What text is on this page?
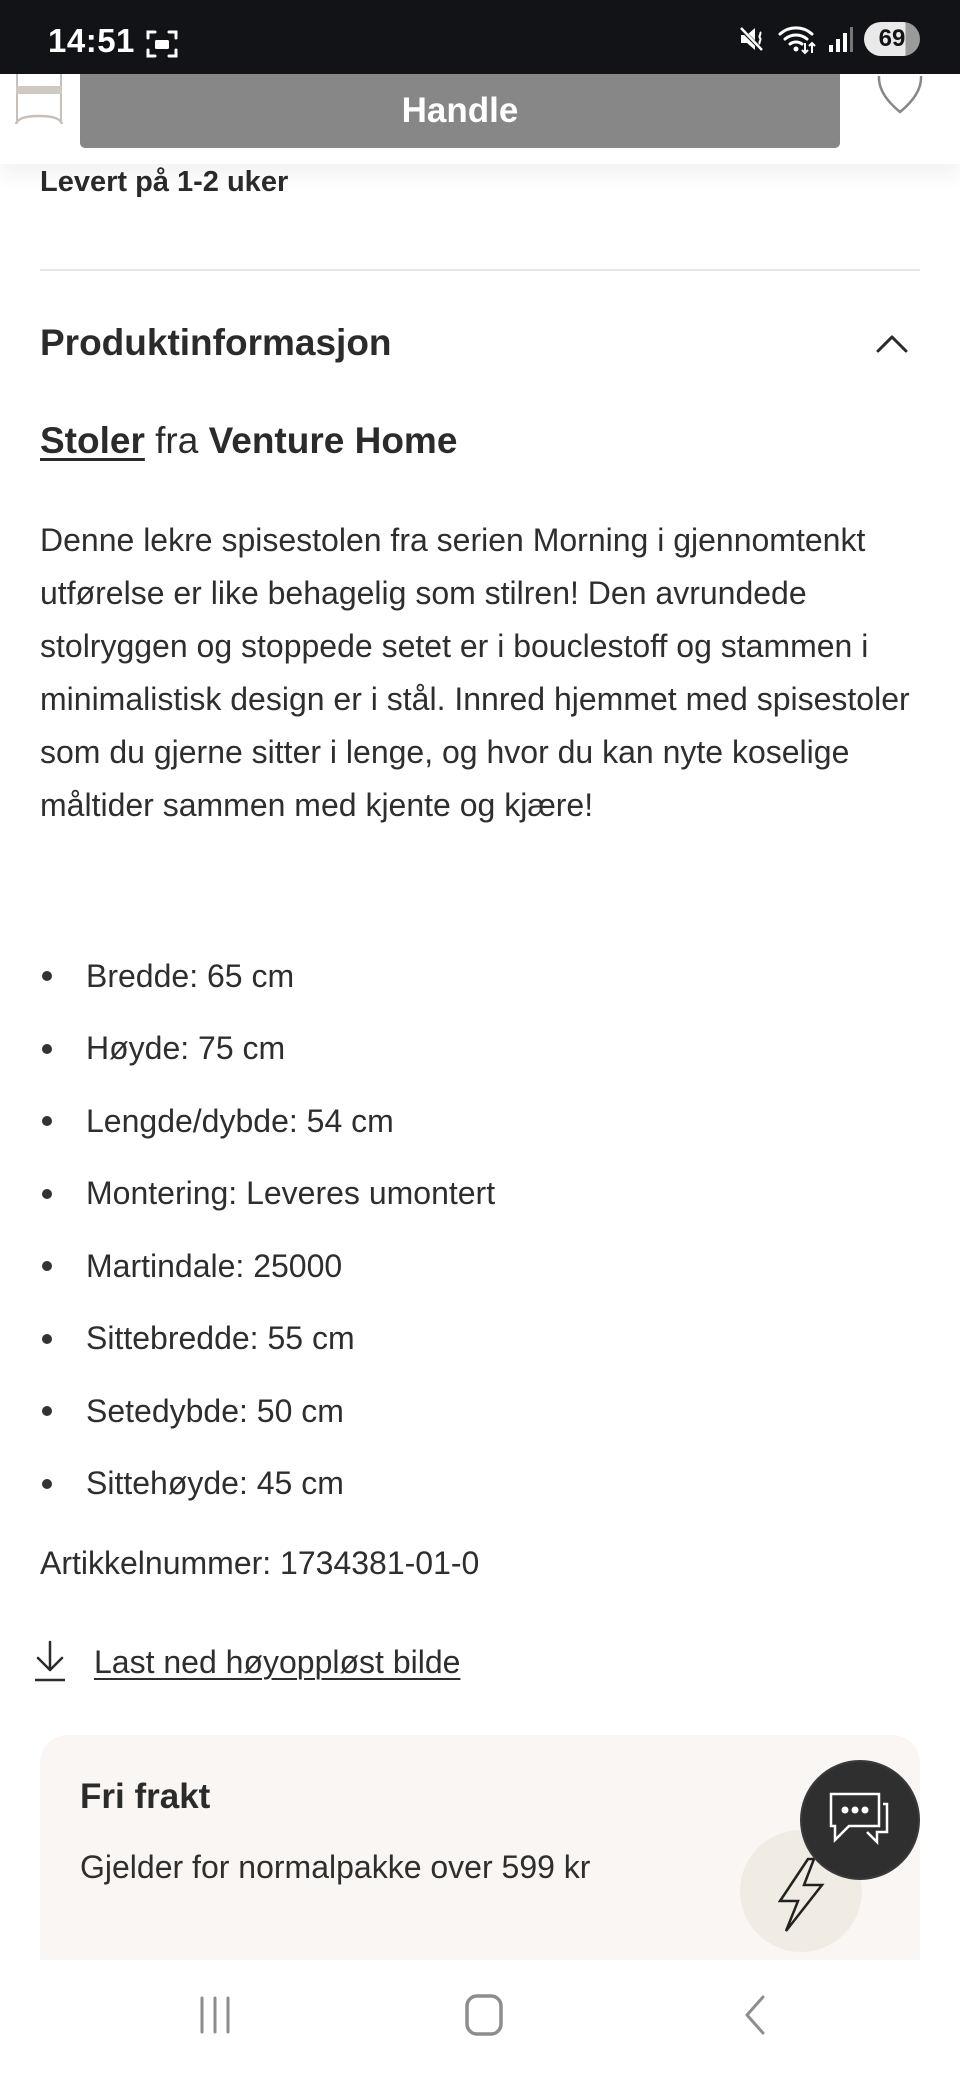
14:51	69
Handle
Levert på 1-2 uker
Produktinformasjon
Stoler fra Venture Home

Denne lekre spisestolen fra serien Morning i gjennomtenkt utførelse er like behagelig som stilren! Den avrundede stolryggen og stoppede setet er i bouclestoff og stammen i minimalistisk design er i stål. Innred hjemmet med spisestoler som du gjerne sitter i lenge, og hvor du kan nyte koselige måltider sammen med kjente og kjære!

Bredde: 65 cm
Høyde: 75 cm
Lengde/dybde: 54 cm
Montering: Leveres umontert
Martindale: 25000
Sittebredde: 55 cm
Setedybde: 50 cm
Sittehøyde: 45 cm
Artikkelnummer: 1734381-01-0
Last ned høyoppløst bilde
Fri frakt
Gjelder for normalpakke over 599 kr
